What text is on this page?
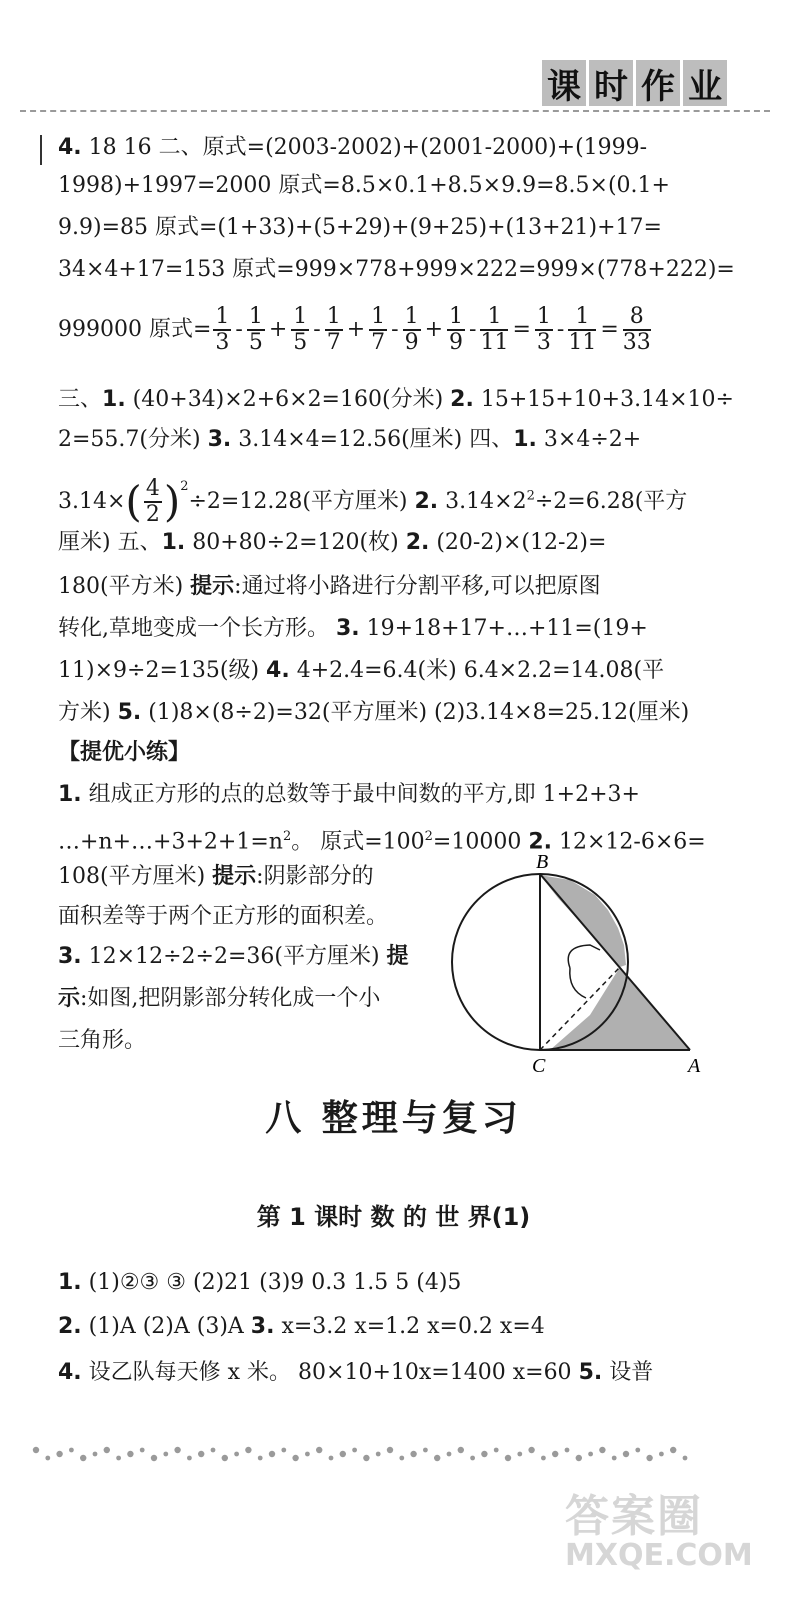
课 时 作 业
4. 18 16 二、原式=(2003-2002)+(2001-2000)+(1999-
1998)+1997=2000 原式=8.5×0.1+8.5×9.9=8.5×(0.1+
9.9)=85 原式=(1+33)+(5+29)+(9+25)+(13+21)+17=
34×4+17=153 原式=999×778+999×222=999×(778+222)=
999000 原式= $\frac{1}{3} - \frac{1}{5} + \frac{1}{5} - \frac{1}{7} + \frac{1}{7} - \frac{1}{9} + \frac{1}{9} - \frac{1}{11} = \frac{1}{3} - \frac{1}{11} = \frac{8}{33}$
三、1. (40+34)×2+6×2=160(分米) 2. 15+15+10+3.14×10÷
2=55.7(分米) 3. 3.14×4=12.56(厘米) 四、1. 3×4÷2+
$3.14\times( \frac{4}{2} )^2\div 2=12.28$(平方厘米) 2. $3.14\times 2^2\div 2=6.28$(平方
厘米) 五、1. 80+80÷2=120(枚) 2. (20-2)×(12-2)=
180(平方米) 提示:通过将小路进行分割平移,可以把原图
转化,草地变成一个长方形。 3. 19+18+17+…+11=(19+
11)×9÷2=135(级) 4. 4+2.4=6.4(米) 6.4×2.2=14.08(平
方米) 5. (1)8×(8÷2)=32(平方厘米) (2)3.14×8=25.12(厘米)
【提优小练】
1. 组成正方形的点的总数等于最中间数的平方,即 1+2+3+
$\dots+n+\dots+3+2+1=n^2$。 原式$=100^2=10000$ 2. 12×12-6×6=
108(平方厘米) 提示:阴影部分的
面积差等于两个正方形的面积差。
3. 12×12÷2÷2=36(平方厘米) 提
示:如图,把阴影部分转化成一个小
三角形。
B
C	A
八 整理与复习
第 1 课时 数 的 世 界(1)
1. (1)②③ ③ (2)21 (3)9 0.3 1.5 5 (4)5
2. (1)A (2)A (3)A 3. x=3.2 x=1.2 x=0.2 x=4
4. 设乙队每天修 x 米。 80×10+10x=1400 x=60 5. 设普
答案圈
MXQE.COM
